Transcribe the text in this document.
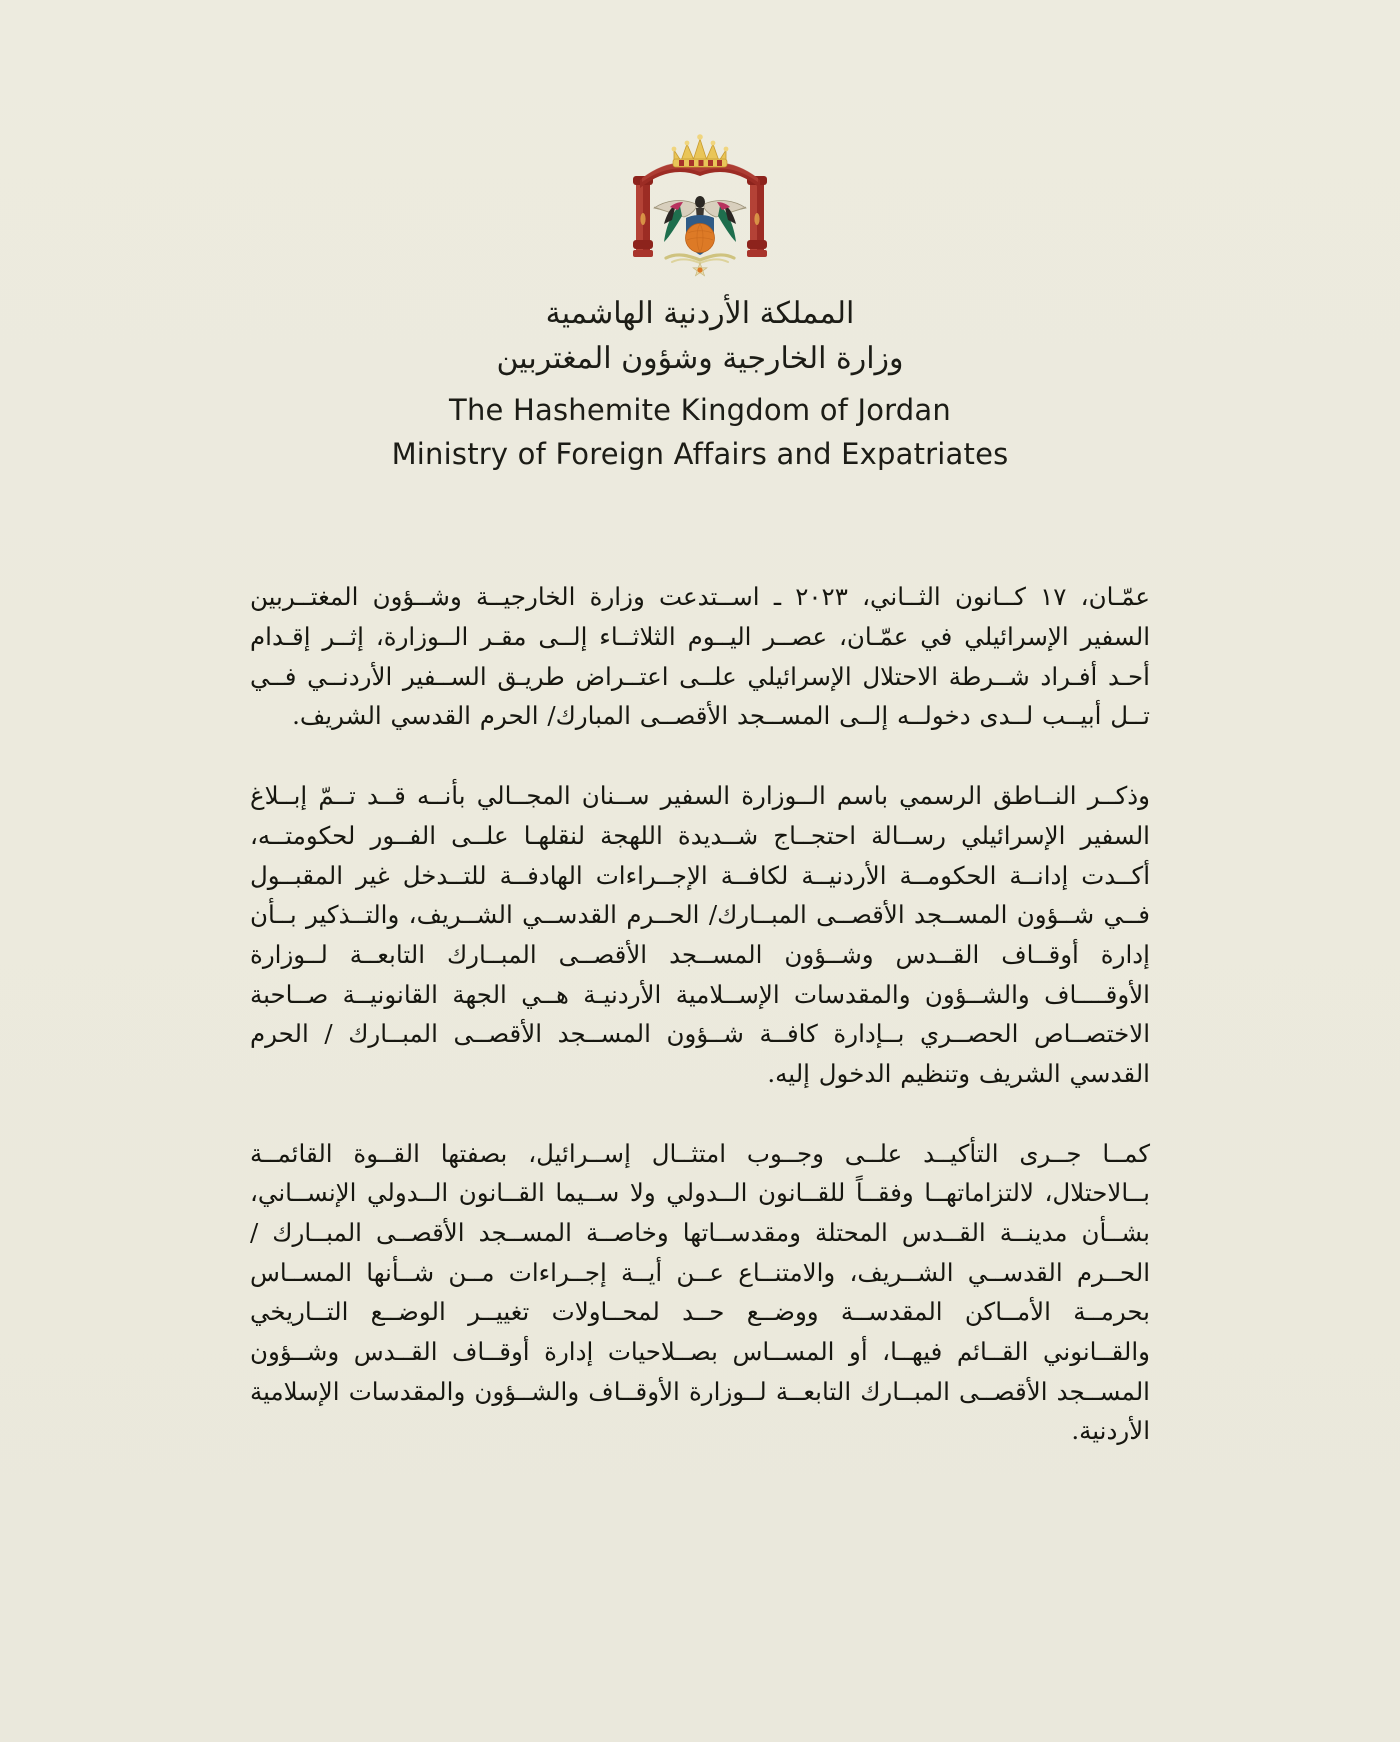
المملكة الأردنية الهاشمية
وزارة الخارجية وشؤون المغتربين
The Hashemite Kingdom of Jordan
Ministry of Foreign Affairs and Expatriates

عمّـان، ١٧ كــانون الثــاني، ٢٠٢٣ ـ اســتدعت وزارة الخارجيــة وشــؤون المغتــربين السفير الإسرائيلي في عمّـان، عصــر اليــوم الثلاثــاء إلــى مقـر الــوزارة، إثــر إقـدام أحـد أفـراد شــرطة الاحتلال الإسرائيلي علــى اعتــراض طريـق الســفير الأردنــي فــي تــل أبيــب لــدى دخولــه إلــى المســجد الأقصــى المبارك/ الحرم القدسي الشريف.

وذكــر النــاطق الرسمي باسم الــوزارة السفير ســنان المجــالي بأنــه قــد تــمّ إبــلاغ السفير الإسرائيلي رســالة احتجــاج شــديدة اللهجة لنقلهـا علــى الفــور لحكومتــه، أكــدت إدانــة الحكومــة الأردنيــة لكافــة الإجــراءات الهادفــة للتــدخل غير المقبــول فــي شــؤون المســجد الأقصــى المبــارك/ الحــرم القدســي الشــريف، والتــذكير بــأن إدارة أوقــاف القــدس وشــؤون المســجد الأقصــى المبــارك التابعــة لــوزارة الأوقــــاف والشــؤون والمقدسات الإســلامية الأردنيـة هــي الجهة القانونيــة صــاحبة الاختصــاص الحصــري بــإدارة كافــة شــؤون المســجد الأقصــى المبــارك / الحرم القدسي الشريف وتنظيم الدخول إليه.

كمــا جــرى التأكيــد علــى وجــوب امتثــال إســرائيل، بصفتها القــوة القائمــة بــالاحتلال، لالتزاماتهــا وفقــاً للقــانون الــدولي ولا ســيما القــانون الــدولي الإنســاني، بشــأن مدينــة القــدس المحتلة ومقدســاتها وخاصــة المســجد الأقصــى المبــارك / الحــرم القدســي الشــريف، والامتنــاع عــن أيــة إجــراءات مــن شــأنها المســاس بحرمــة الأمــاكن المقدســة ووضــع حــد لمحــاولات تغييــر الوضــع التــاريخي والقــانوني القــائم فيهــا، أو المســاس بصــلاحيات إدارة أوقــاف القــدس وشــؤون المســجد الأقصــى المبــارك التابعــة لــوزارة الأوقــاف والشــؤون والمقدسات الإسلامية الأردنية.
